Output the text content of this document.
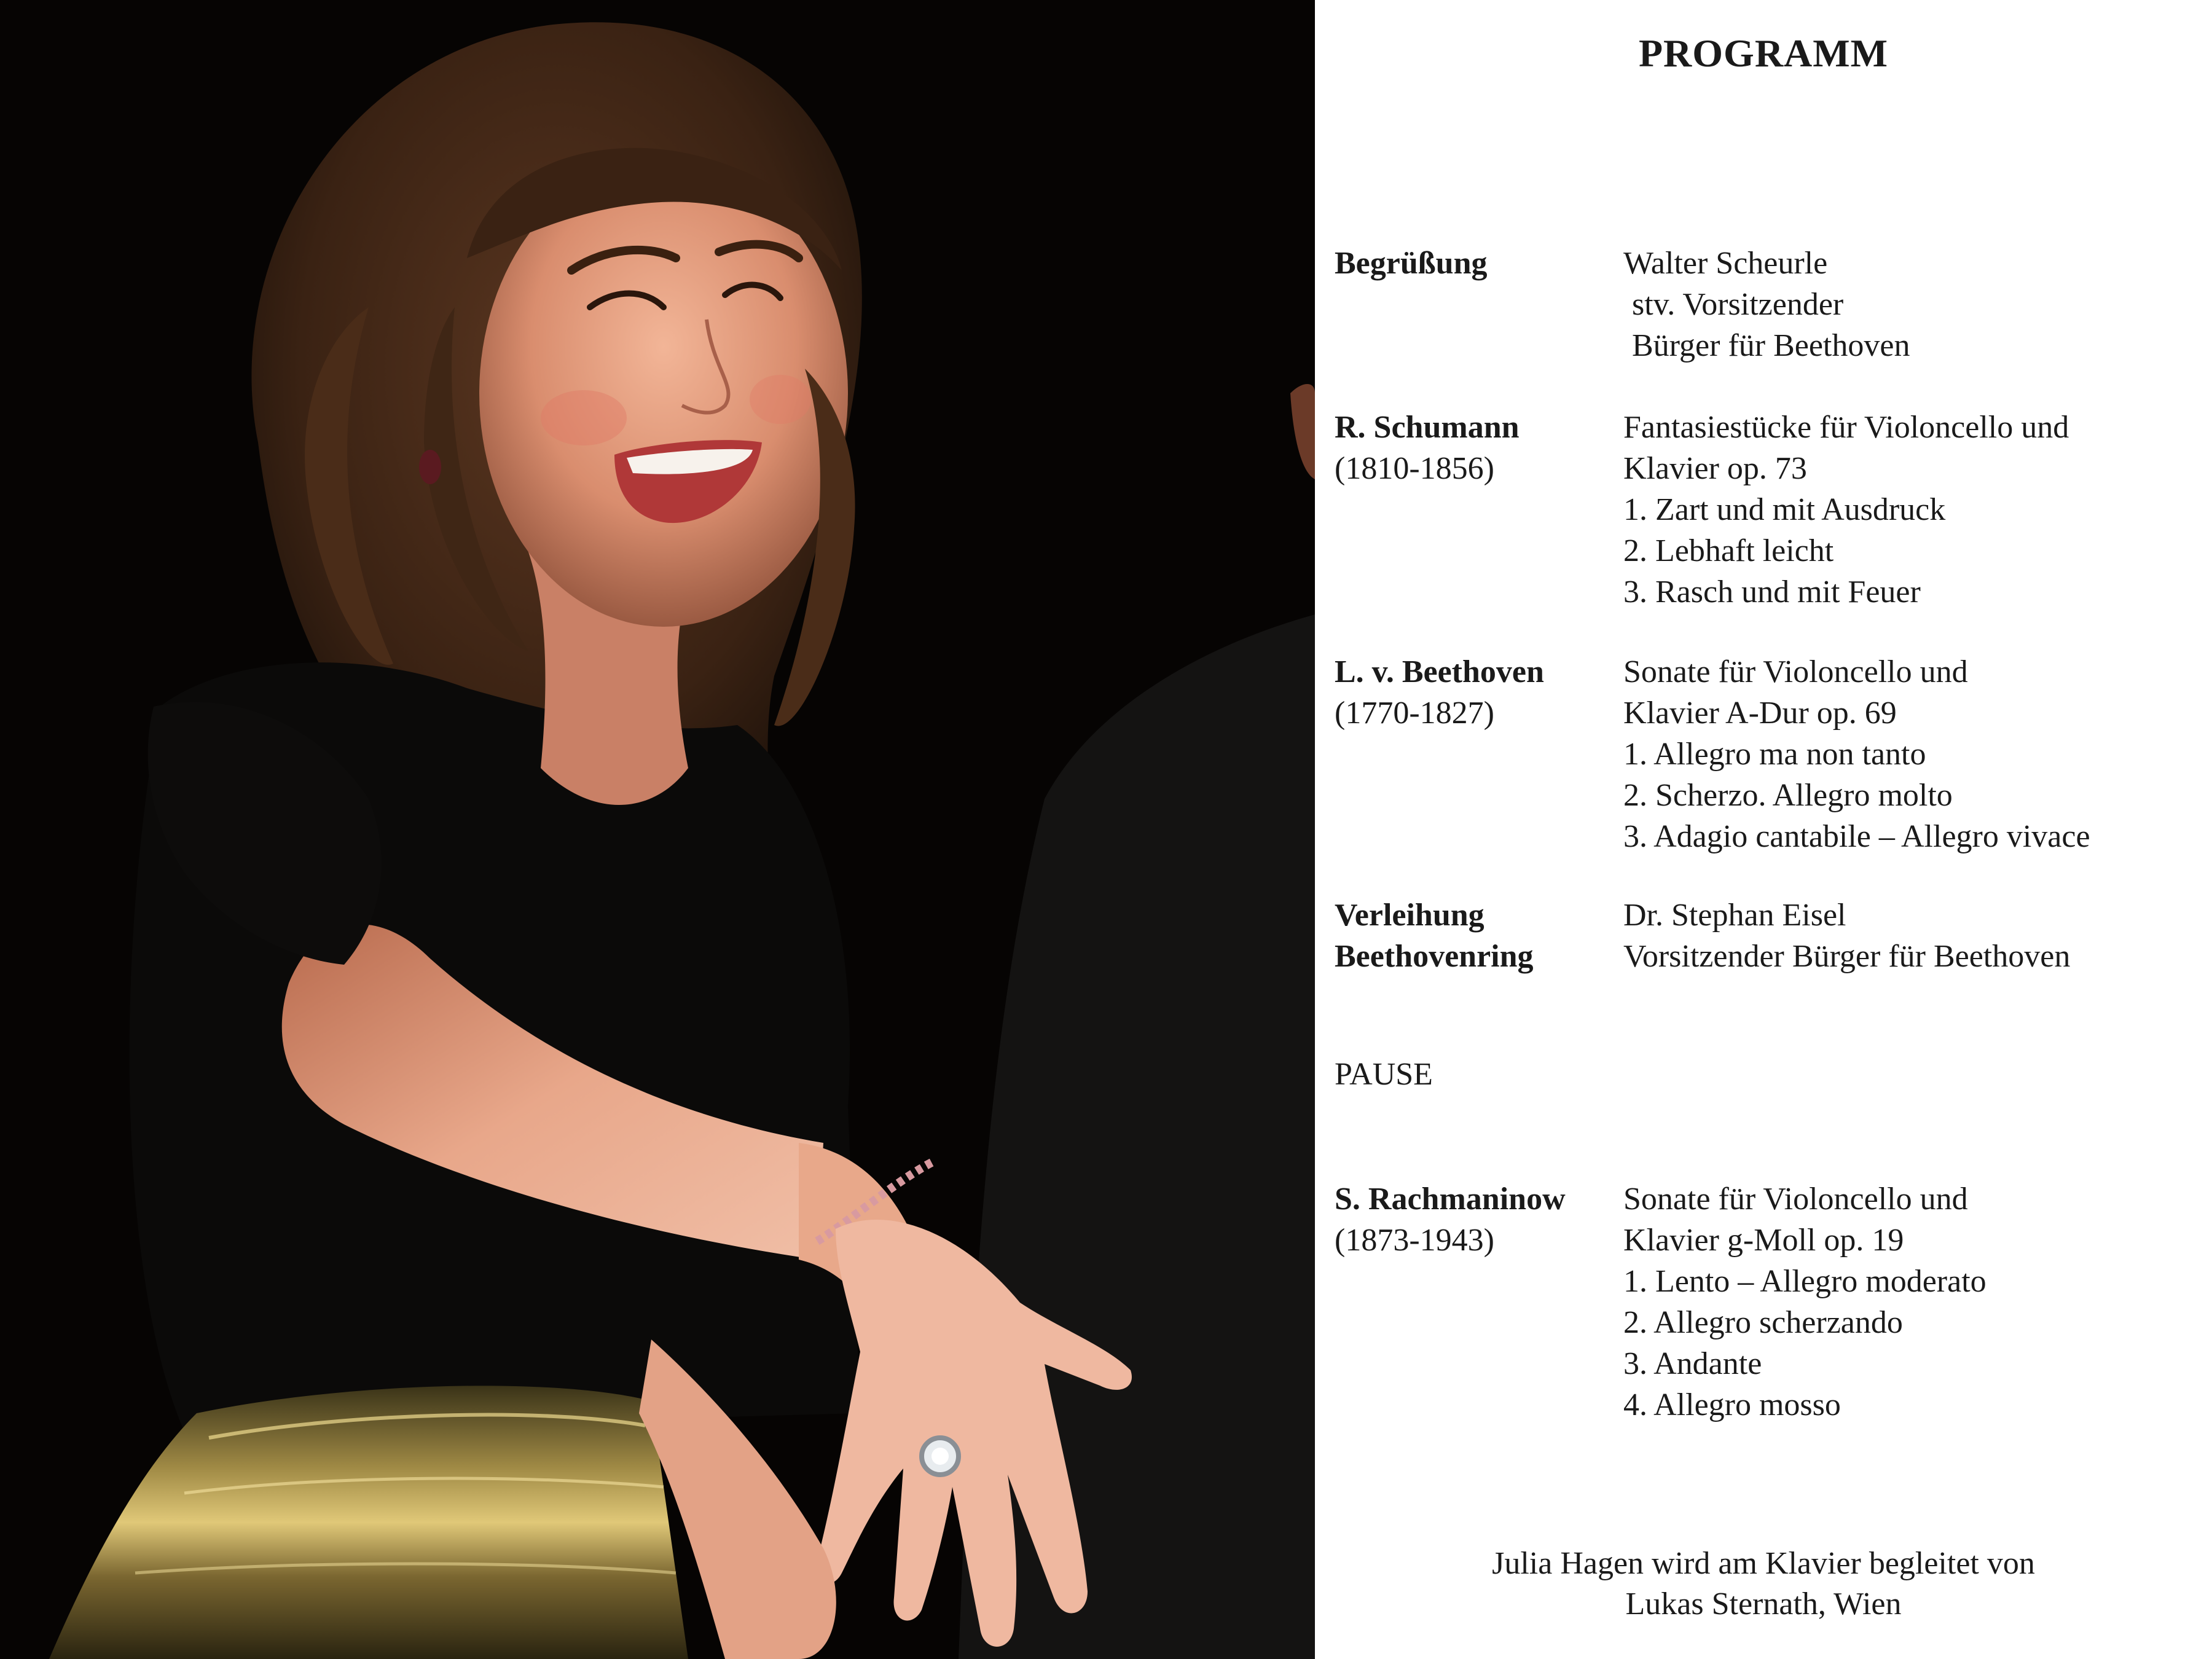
PROGRAMM
Begrüßung	Walter Scheurle
stv. Vorsitzender
Bürger für Beethoven
R. Schumann
(1810-1856)
Fantasiestücke für Violoncello und
Klavier op. 73
1. Zart und mit Ausdruck
2. Lebhaft leicht
3. Rasch und mit Feuer
L. v. Beethoven
(1770-1827)
Sonate für Violoncello und
Klavier A-Dur op. 69
1. Allegro ma non tanto
2. Scherzo. Allegro molto
3. Adagio cantabile – Allegro vivace
Verleihung
Beethovenring
Dr. Stephan Eisel
Vorsitzender Bürger für Beethoven
PAUSE
S. Rachmaninow
(1873-1943)
Sonate für Violoncello und
Klavier g-Moll op. 19
1. Lento – Allegro moderato
2. Allegro scherzando
3. Andante
4. Allegro mosso
Julia Hagen wird am Klavier begleitet von
Lukas Sternath, Wien
